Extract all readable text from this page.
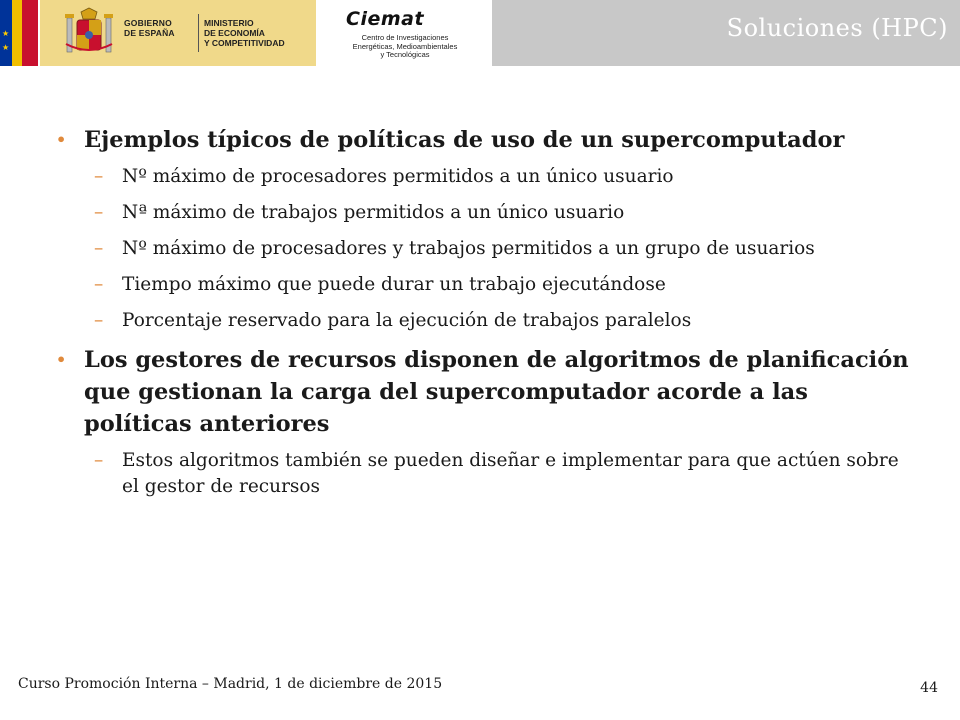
★
★
GOBIERNO
DE ESPAÑA
MINISTERIO
DE ECONOMÍA
Y COMPETITIVIDAD
Ciemat
Centro de Investigaciones
Energéticas, Medioambientales
y Tecnológicas
Soluciones (HPC)
• Ejemplos típicos de políticas de uso de un supercomputador
– Nº máximo de procesadores permitidos a un único usuario
– Nª máximo de trabajos permitidos a un único usuario
– Nº máximo de procesadores y trabajos permitidos a un grupo de usuarios
– Tiempo máximo que puede durar un trabajo ejecutándose
– Porcentaje reservado para la ejecución de trabajos paralelos
• Los gestores de recursos disponen de algoritmos de planificación que gestionan la carga del supercomputador acorde a las políticas anteriores
– Estos algoritmos también se pueden diseñar e implementar para que actúen sobre el gestor de recursos
Curso Promoción Interna – Madrid, 1 de diciembre de 2015	44
